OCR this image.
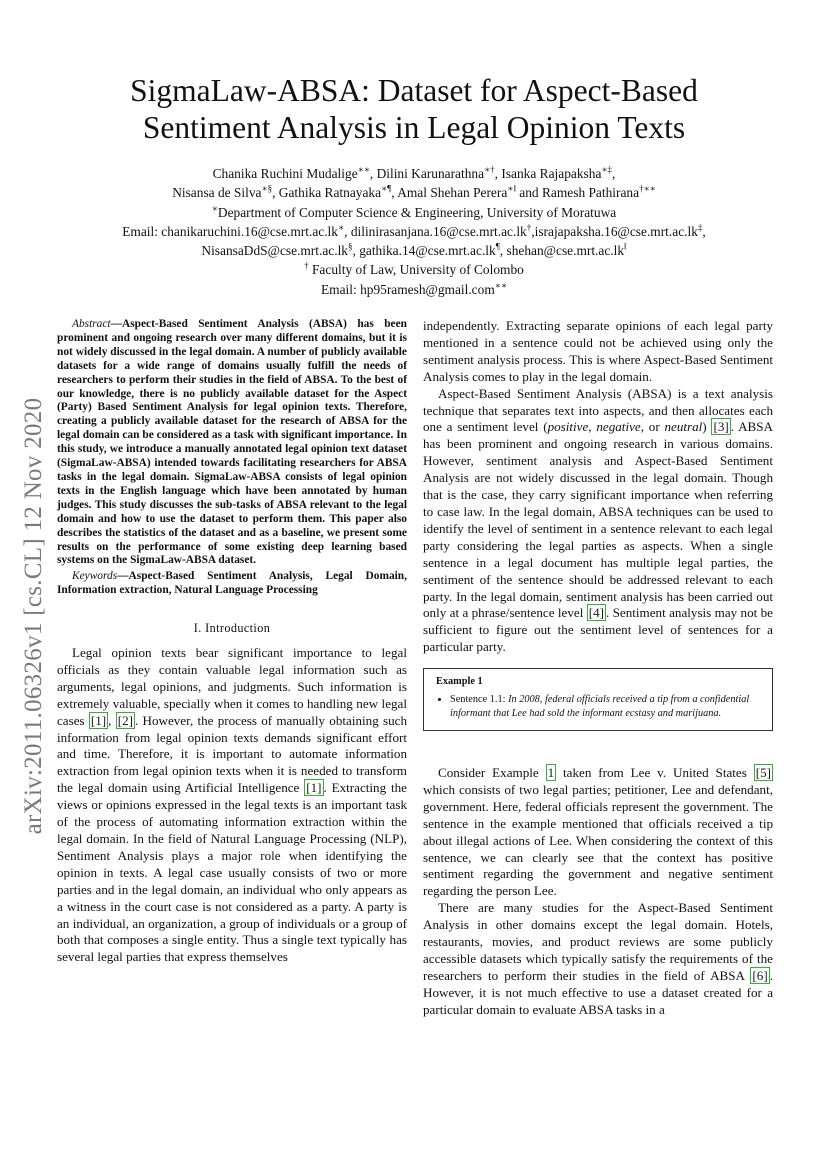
arXiv:2011.06326v1 [cs.CL] 12 Nov 2020
SigmaLaw-ABSA: Dataset for Aspect-Based
Sentiment Analysis in Legal Opinion Texts
Chanika Ruchini Mudalige∗∗, Dilini Karunarathna∗†, Isanka Rajapaksha∗‡,
Nisansa de Silva∗§, Gathika Ratnayaka∗¶, Amal Shehan Perera∗‖ and Ramesh Pathirana†∗∗
∗Department of Computer Science & Engineering, University of Moratuwa
Email: chanikaruchini.16@cse.mrt.ac.lk∗, dilinirasanjana.16@cse.mrt.ac.lk†,israjapaksha.16@cse.mrt.ac.lk‡,
NisansaDdS@cse.mrt.ac.lk§, gathika.14@cse.mrt.ac.lk¶, shehan@cse.mrt.ac.lk‖
† Faculty of Law, University of Colombo
Email: hp95ramesh@gmail.com∗∗

Abstract—Aspect-Based Sentiment Analysis (ABSA) has been prominent and ongoing research over many different domains, but it is not widely discussed in the legal domain. A number of publicly available datasets for a wide range of domains usually fulfill the needs of researchers to perform their studies in the field of ABSA. To the best of our knowledge, there is no publicly available dataset for the Aspect (Party) Based Sentiment Analysis for legal opinion texts. Therefore, creating a publicly available dataset for the research of ABSA for the legal domain can be considered as a task with significant importance. In this study, we introduce a manually annotated legal opinion text dataset (SigmaLaw-ABSA) intended towards facilitating researchers for ABSA tasks in the legal domain. SigmaLaw-ABSA consists of legal opinion texts in the English language which have been annotated by human judges. This study discusses the sub-tasks of ABSA relevant to the legal domain and how to use the dataset to perform them. This paper also describes the statistics of the dataset and as a baseline, we present some results on the performance of some existing deep learning based systems on the SigmaLaw-ABSA dataset.

Keywords—Aspect-Based Sentiment Analysis, Legal Domain, Information extraction, Natural Language Processing

I. Introduction

Legal opinion texts bear significant importance to legal officials as they contain valuable legal information such as arguments, legal opinions, and judgments. Such information is extremely valuable, specially when it comes to handling new legal cases [1] , [2] . However, the process of manually obtaining such information from legal opinion texts demands significant effort and time. Therefore, it is important to automate information extraction from legal opinion texts when it is needed to transform the legal domain using Artificial Intelligence [1] . Extracting the views or opinions expressed in the legal texts is an important task of the process of automating information extraction within the legal domain. In the field of Natural Language Processing (NLP), Sentiment Analysis plays a major role when identifying the opinion in texts. A legal case usually consists of two or more parties and in the legal domain, an individual who only appears as a witness in the court case is not considered as a party. A party is an individual, an organization, a group of individuals or a group of both that composes a single entity. Thus a single text typically has several legal parties that express themselves

independently. Extracting separate opinions of each legal party mentioned in a sentence could not be achieved using only the sentiment analysis process. This is where Aspect-Based Sentiment Analysis comes to play in the legal domain.

Aspect-Based Sentiment Analysis (ABSA) is a text analysis technique that separates text into aspects, and then allocates each one a sentiment level (positive, negative, or neutral) [3] . ABSA has been prominent and ongoing research in various domains. However, sentiment analysis and Aspect-Based Sentiment Analysis are not widely discussed in the legal domain. Though that is the case, they carry significant importance when referring to case law. In the legal domain, ABSA techniques can be used to identify the level of sentiment in a sentence relevant to each legal party considering the legal parties as aspects. When a single sentence in a legal document has multiple legal parties, the sentiment of the sentence should be addressed relevant to each party. In the legal domain, sentiment analysis has been carried out only at a phrase/sentence level [4] . Sentiment analysis may not be sufficient to figure out the sentiment level of sentences for a particular party.

Example 1

• Sentence 1.1: In 2008, federal officials received a tip from a confidential informant that Lee had sold the informant ecstasy and marijuana.

Consider Example 1 taken from Lee v. United States [5] which consists of two legal parties; petitioner, Lee and defendant, government. Here, federal officials represent the government. The sentence in the example mentioned that officials received a tip about illegal actions of Lee. When considering the context of this sentence, we can clearly see that the context has positive sentiment regarding the government and negative sentiment regarding the person Lee.

There are many studies for the Aspect-Based Sentiment Analysis in other domains except the legal domain. Hotels, restaurants, movies, and product reviews are some publicly accessible datasets which typically satisfy the requirements of the researchers to perform their studies in the field of ABSA [6] . However, it is not much effective to use a dataset created for a particular domain to evaluate ABSA tasks in a
